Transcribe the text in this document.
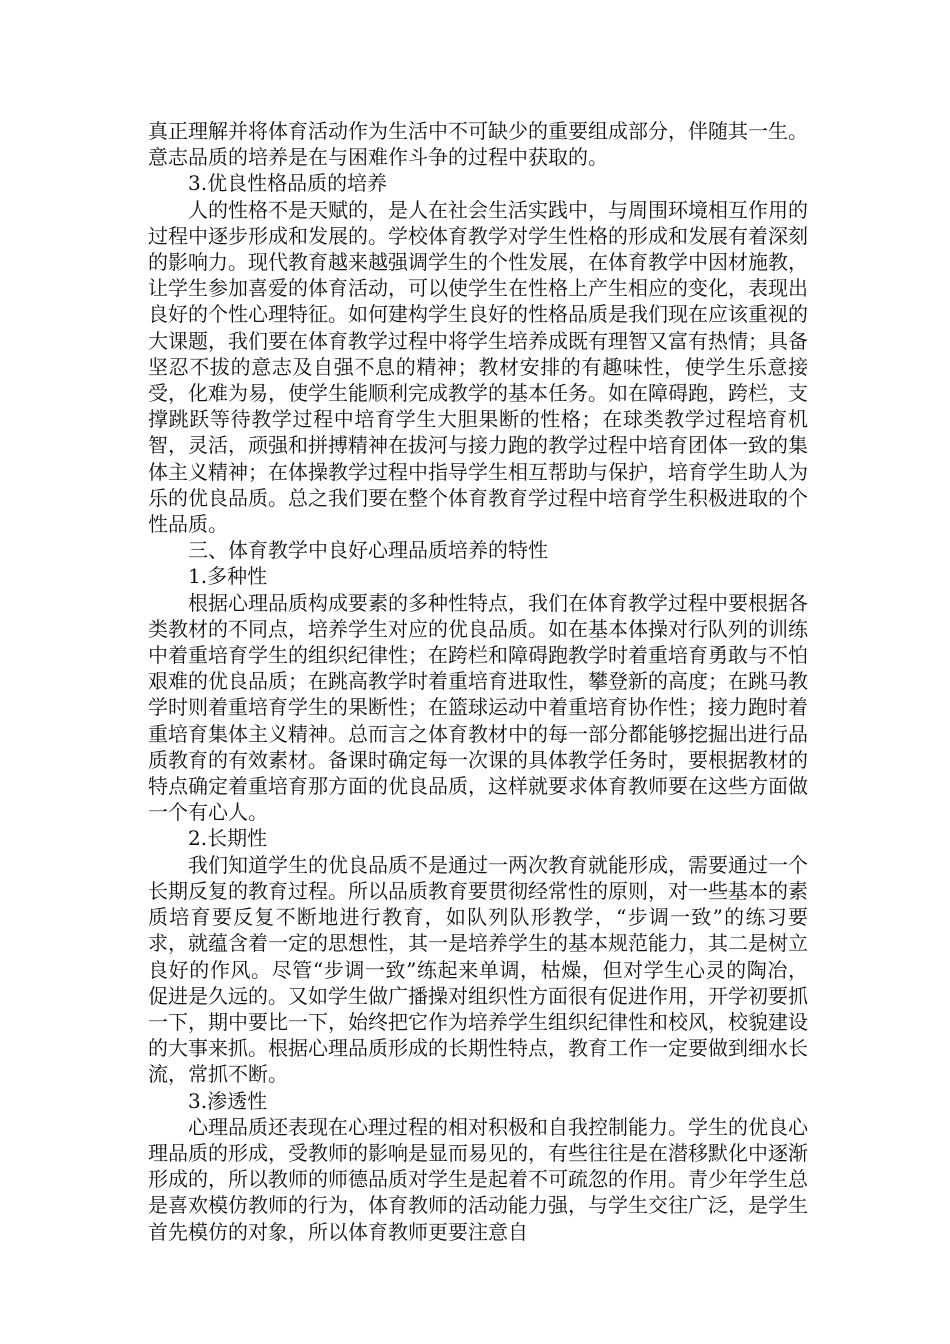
真正理解并将体育活动作为生活中不可缺少的重要组成部分，伴随其一生。意志品质的培养是在与困难作斗争的过程中获取的。

3.优良性格品质的培养

人的性格不是天赋的，是人在社会生活实践中，与周围环境相互作用的过程中逐步形成和发展的。学校体育教学对学生性格的形成和发展有着深刻的影响力。现代教育越来越强调学生的个性发展，在体育教学中因材施教，让学生参加喜爱的体育活动，可以使学生在性格上产生相应的变化，表现出良好的个性心理特征。如何建构学生良好的性格品质是我们现在应该重视的大课题，我们要在体育教学过程中将学生培养成既有理智又富有热情；具备坚忍不拔的意志及自强不息的精神；教材安排的有趣味性，使学生乐意接受，化难为易，使学生能顺利完成教学的基本任务。如在障碍跑，跨栏，支撑跳跃等待教学过程中培育学生大胆果断的性格；在球类教学过程培育机智，灵活，顽强和拼搏精神在拔河与接力跑的教学过程中培育团体一致的集体主义精神；在体操教学过程中指导学生相互帮助与保护，培育学生助人为乐的优良品质。总之我们要在整个体育教育学过程中培育学生积极进取的个性品质。

三、体育教学中良好心理品质培养的特性

1.多种性

根据心理品质构成要素的多种性特点，我们在体育教学过程中要根据各类教材的不同点，培养学生对应的优良品质。如在基本体操对行队列的训练中着重培育学生的组织纪律性；在跨栏和障碍跑教学时着重培育勇敢与不怕艰难的优良品质；在跳高教学时着重培育进取性，攀登新的高度；在跳马教学时则着重培育学生的果断性；在篮球运动中着重培育协作性；接力跑时着重培育集体主义精神。总而言之体育教材中的每一部分都能够挖掘出进行品质教育的有效素材。备课时确定每一次课的具体教学任务时，要根据教材的特点确定着重培育那方面的优良品质，这样就要求体育教师要在这些方面做一个有心人。

2.长期性

我们知道学生的优良品质不是通过一两次教育就能形成，需要通过一个长期反复的教育过程。所以品质教育要贯彻经常性的原则，对一些基本的素质培育要反复不断地进行教育，如队列队形教学，“步调一致”的练习要求，就蕴含着一定的思想性，其一是培养学生的基本规范能力，其二是树立良好的作风。尽管“步调一致”练起来单调，枯燥，但对学生心灵的陶冶，促进是久远的。又如学生做广播操对组织性方面很有促进作用，开学初要抓一下，期中要比一下，始终把它作为培养学生组织纪律性和校风，校貌建设的大事来抓。根据心理品质形成的长期性特点，教育工作一定要做到细水长流，常抓不断。

3.渗透性

心理品质还表现在心理过程的相对积极和自我控制能力。学生的优良心理品质的形成，受教师的影响是显而易见的，有些往往是在潜移默化中逐渐形成的，所以教师的师德品质对学生是起着不可疏忽的作用。青少年学生总是喜欢模仿教师的行为，体育教师的活动能力强，与学生交往广泛，是学生首先模仿的对象，所以体育教师更要注意自
